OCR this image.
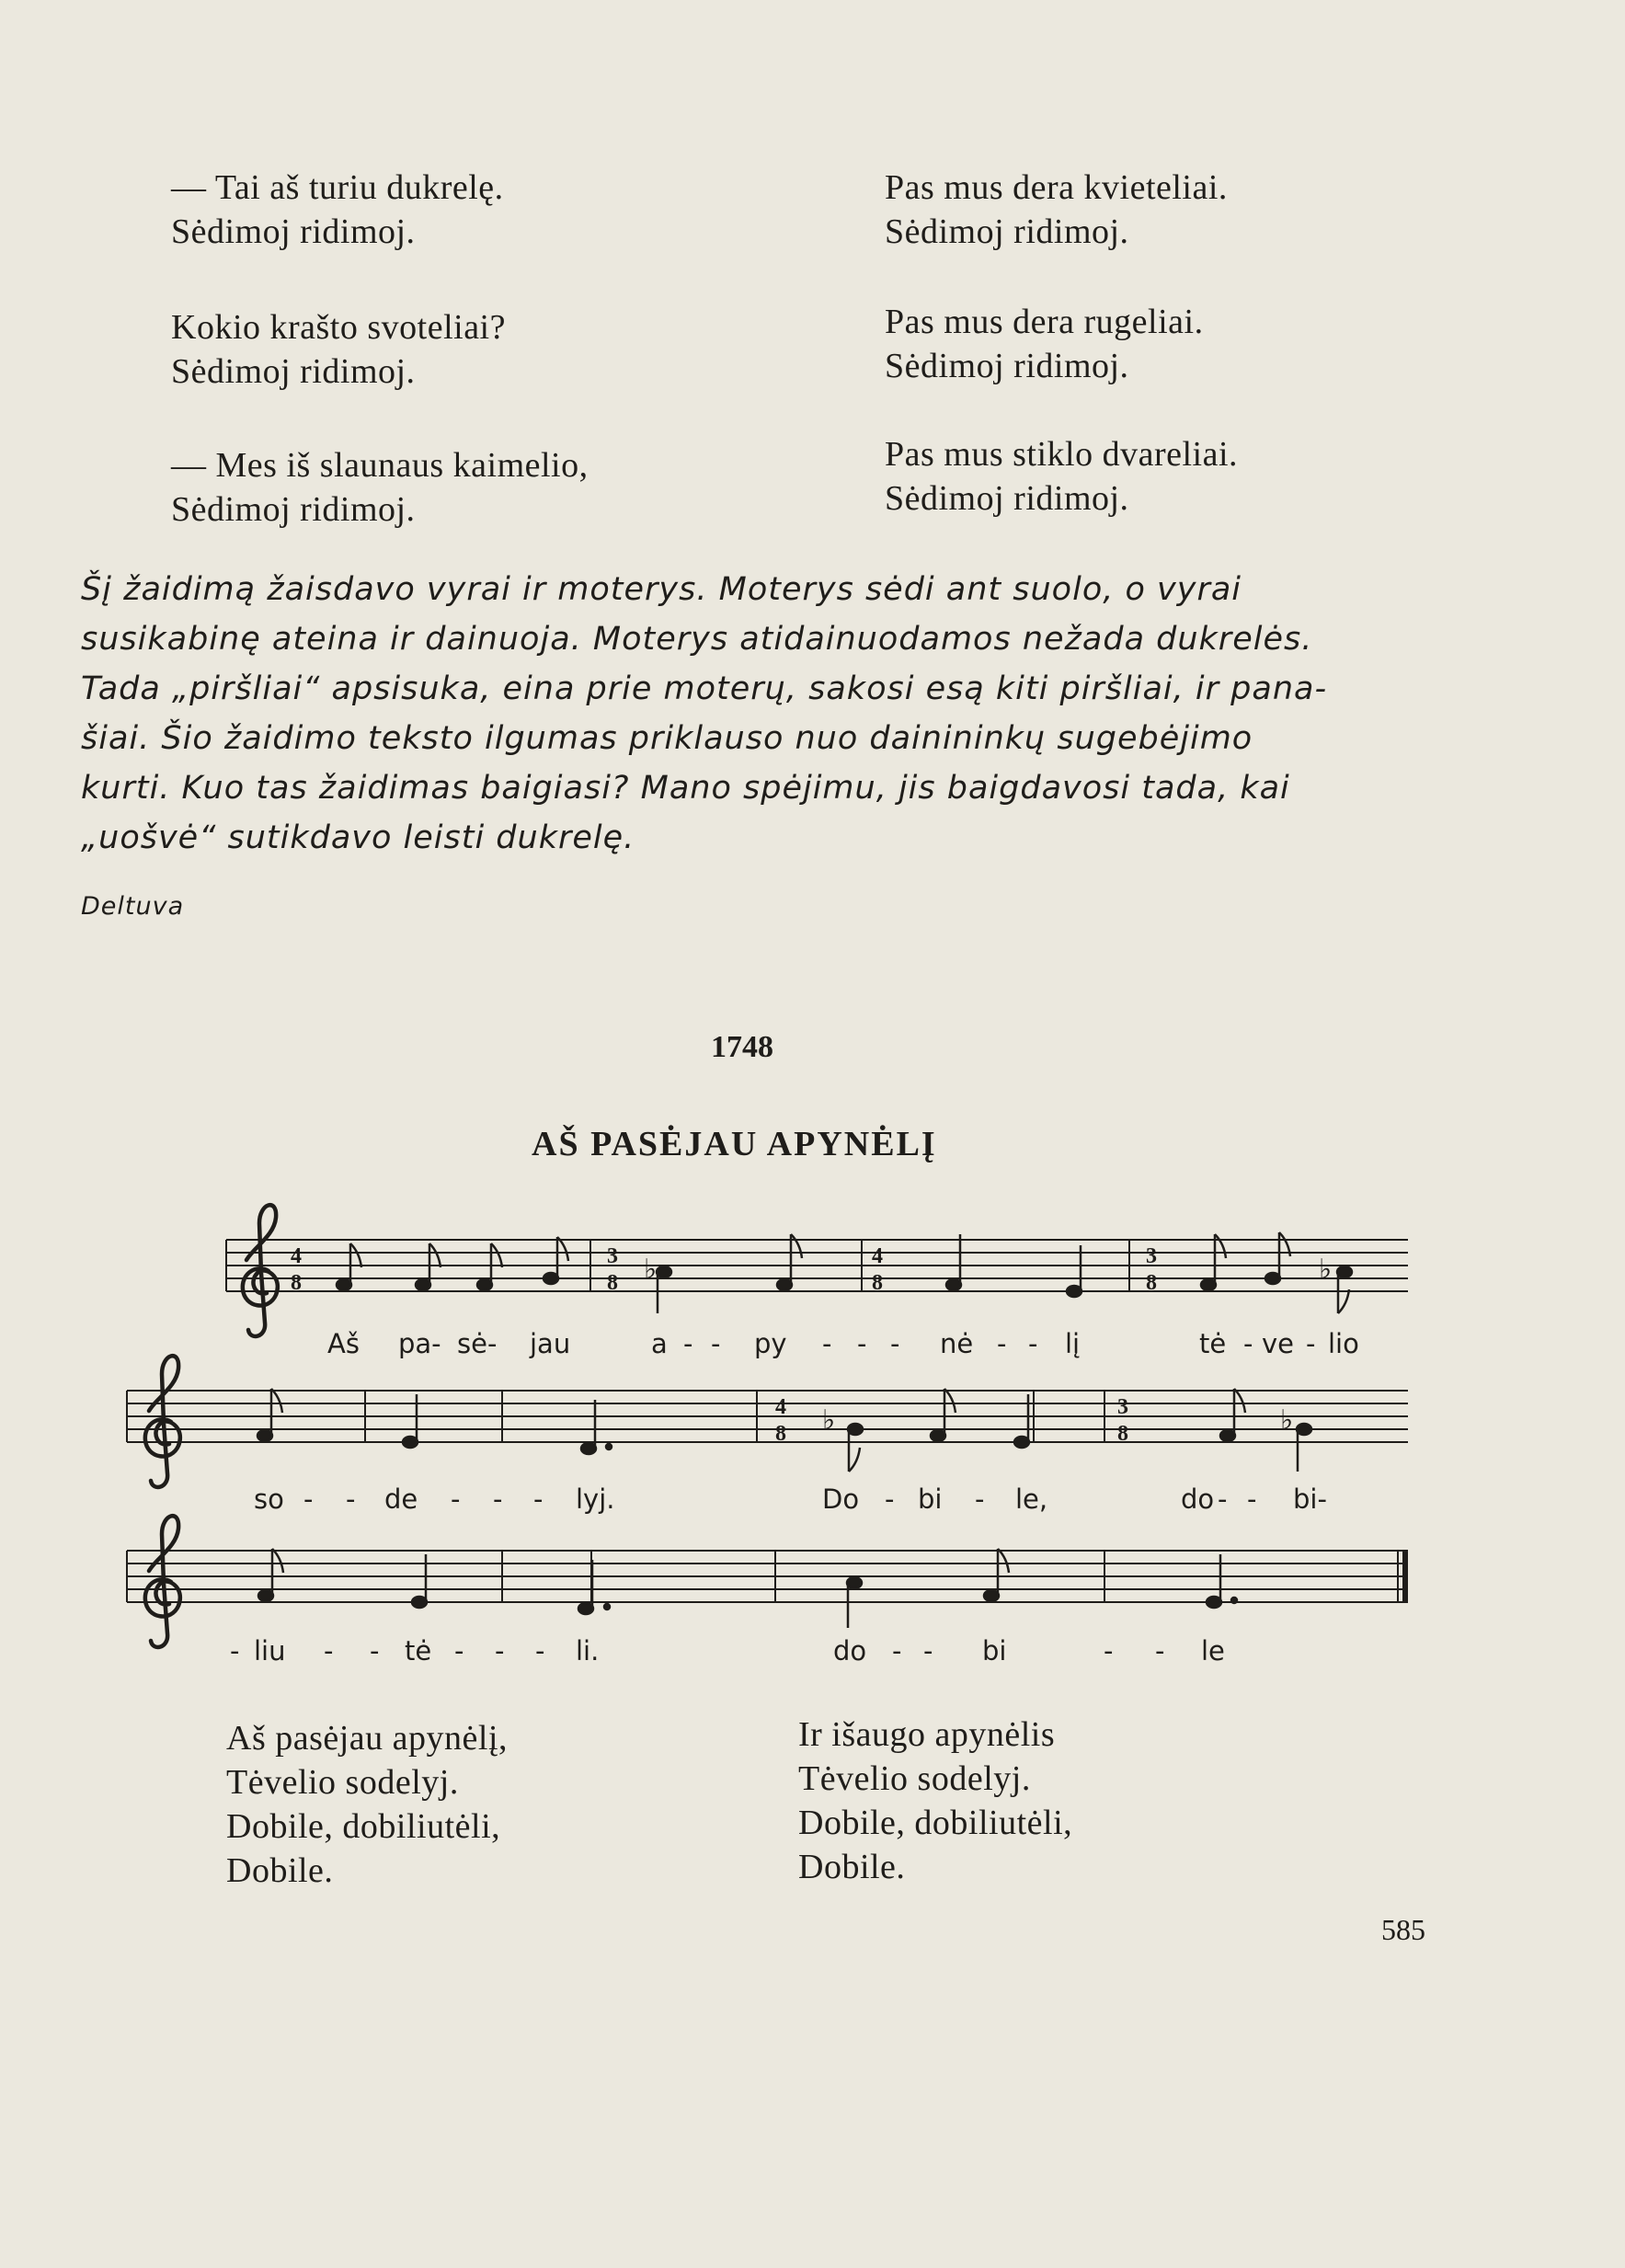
— Tai aš turiu dukrelę.
Sėdimoj ridimoj.
Kokio krašto svoteliai?
Sėdimoj ridimoj.
— Mes iš slaunaus kaimelio,
Sėdimoj ridimoj.
Pas mus dera kvieteliai.
Sėdimoj ridimoj.
Pas mus dera rugeliai.
Sėdimoj ridimoj.
Pas mus stiklo dvareliai.
Sėdimoj ridimoj.
Šį žaidimą žaisdavo vyrai ir moterys. Moterys sėdi ant suolo, o vyrai
susikabinę ateina ir dainuoja. Moterys atidainuodamos nežada dukrelės.
Tada „piršliai“ apsisuka, eina prie moterų, sakosi esą kiti piršliai, ir pana-
šiai. Šio žaidimo teksto ilgumas priklauso nuo dainininkų sugebėjimo
kurti. Kuo tas žaidimas baigiasi? Mano spėjimu, jis baigdavosi tada, kai
„uošvė“ sutikdavo leisti dukrelę.
Deltuva
1748
AŠ PASĖJAU APYNĖLĮ
4
8
3
8
4
8
3
8
♭	♭
4
8
3
8
♭	♭
Aš pa- sė- jau	a - - py - - - nė - - lį	tė - ve - lio
so - - de - - - lyj.	Do - bi - le,	do - - bi-
- liu - - tė - - - li.	do - - bi	- - le
Aš pasėjau apynėlį,
Tėvelio sodelyj.
Dobile, dobiliutėli,
Dobile.
Ir išaugo apynėlis
Tėvelio sodelyj.
Dobile, dobiliutėli,
Dobile.
585
